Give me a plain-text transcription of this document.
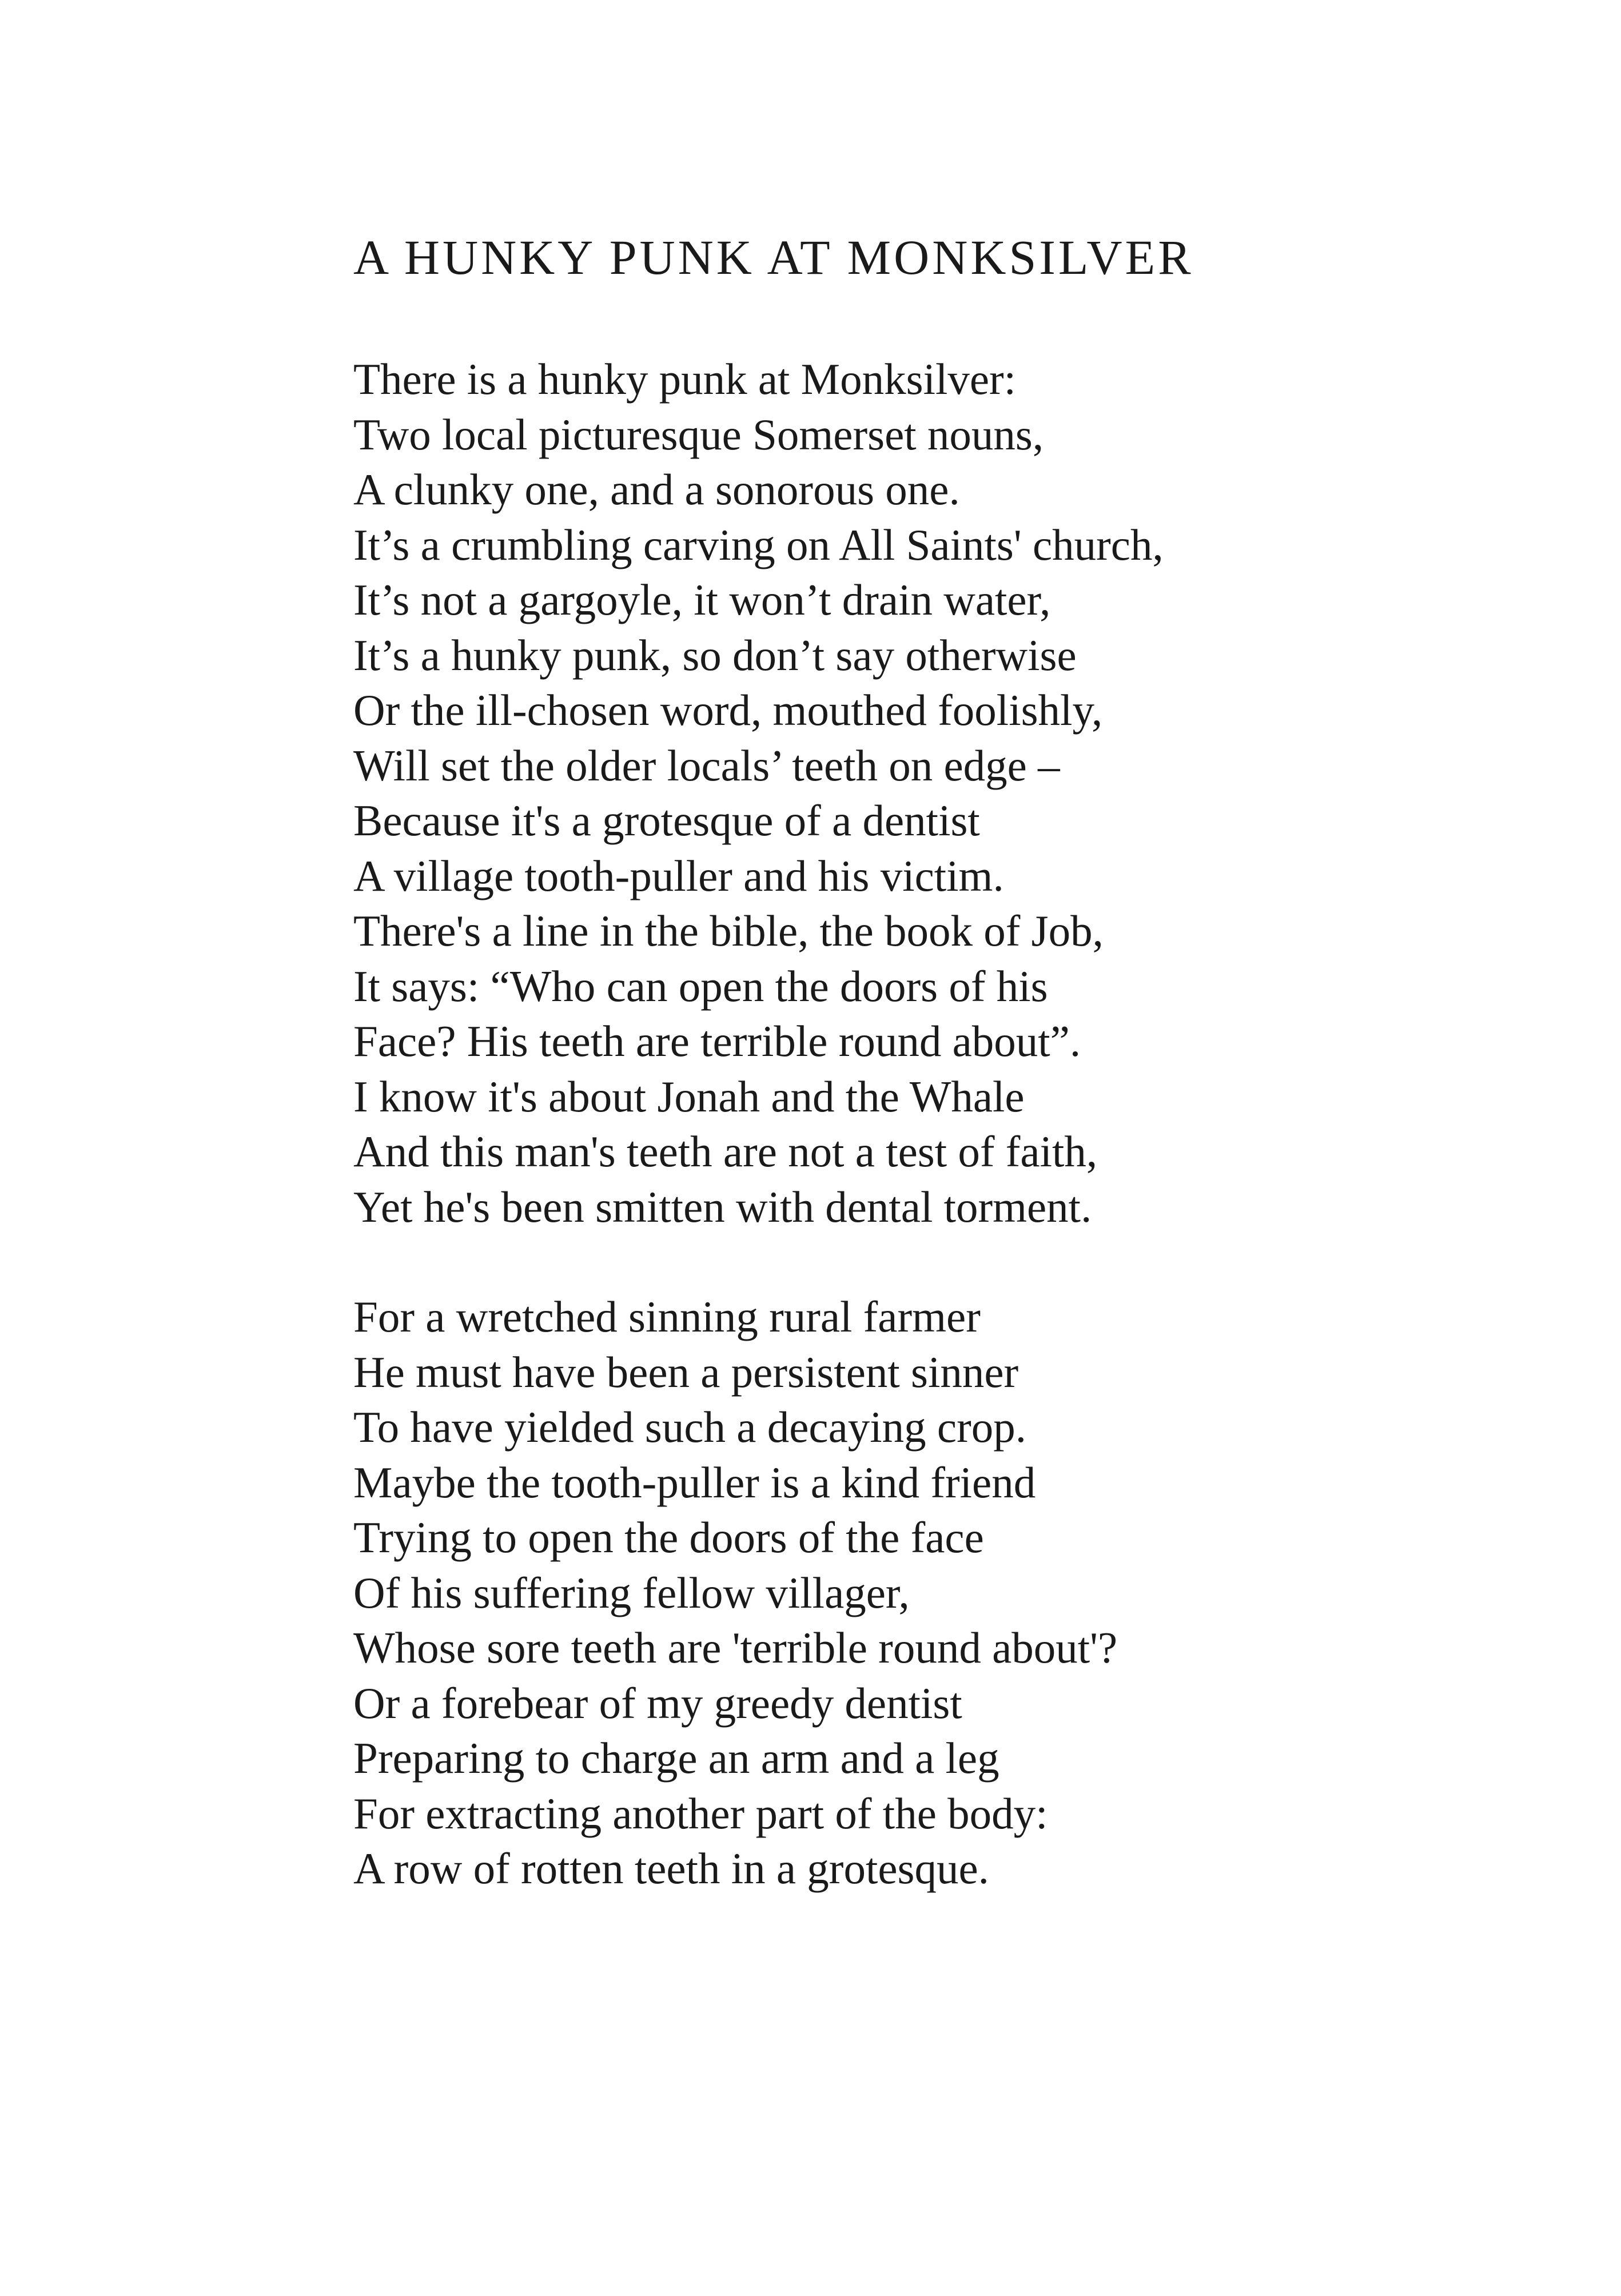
A HUNKY PUNK AT MONKSILVER
There is a hunky punk at Monksilver:
Two local picturesque Somerset nouns,
A clunky one, and a sonorous one.
It’s a crumbling carving on All Saints' church,
It’s not a gargoyle, it won’t drain water,
It’s a hunky punk, so don’t say otherwise
Or the ill-chosen word, mouthed foolishly,
Will set the older locals’ teeth on edge –
Because it's a grotesque of a dentist
A village tooth-puller and his victim.
There's a line in the bible, the book of Job,
It says: “Who can open the doors of his
Face? His teeth are terrible round about”.
I know it's about Jonah and the Whale
And this man's teeth are not a test of faith,
Yet he's been smitten with dental torment.
For a wretched sinning rural farmer
He must have been a persistent sinner
To have yielded such a decaying crop.
Maybe the tooth-puller is a kind friend
Trying to open the doors of the face
Of his suffering fellow villager,
Whose sore teeth are 'terrible round about'?
Or a forebear of my greedy dentist
Preparing to charge an arm and a leg
For extracting another part of the body:
A row of rotten teeth in a grotesque.
